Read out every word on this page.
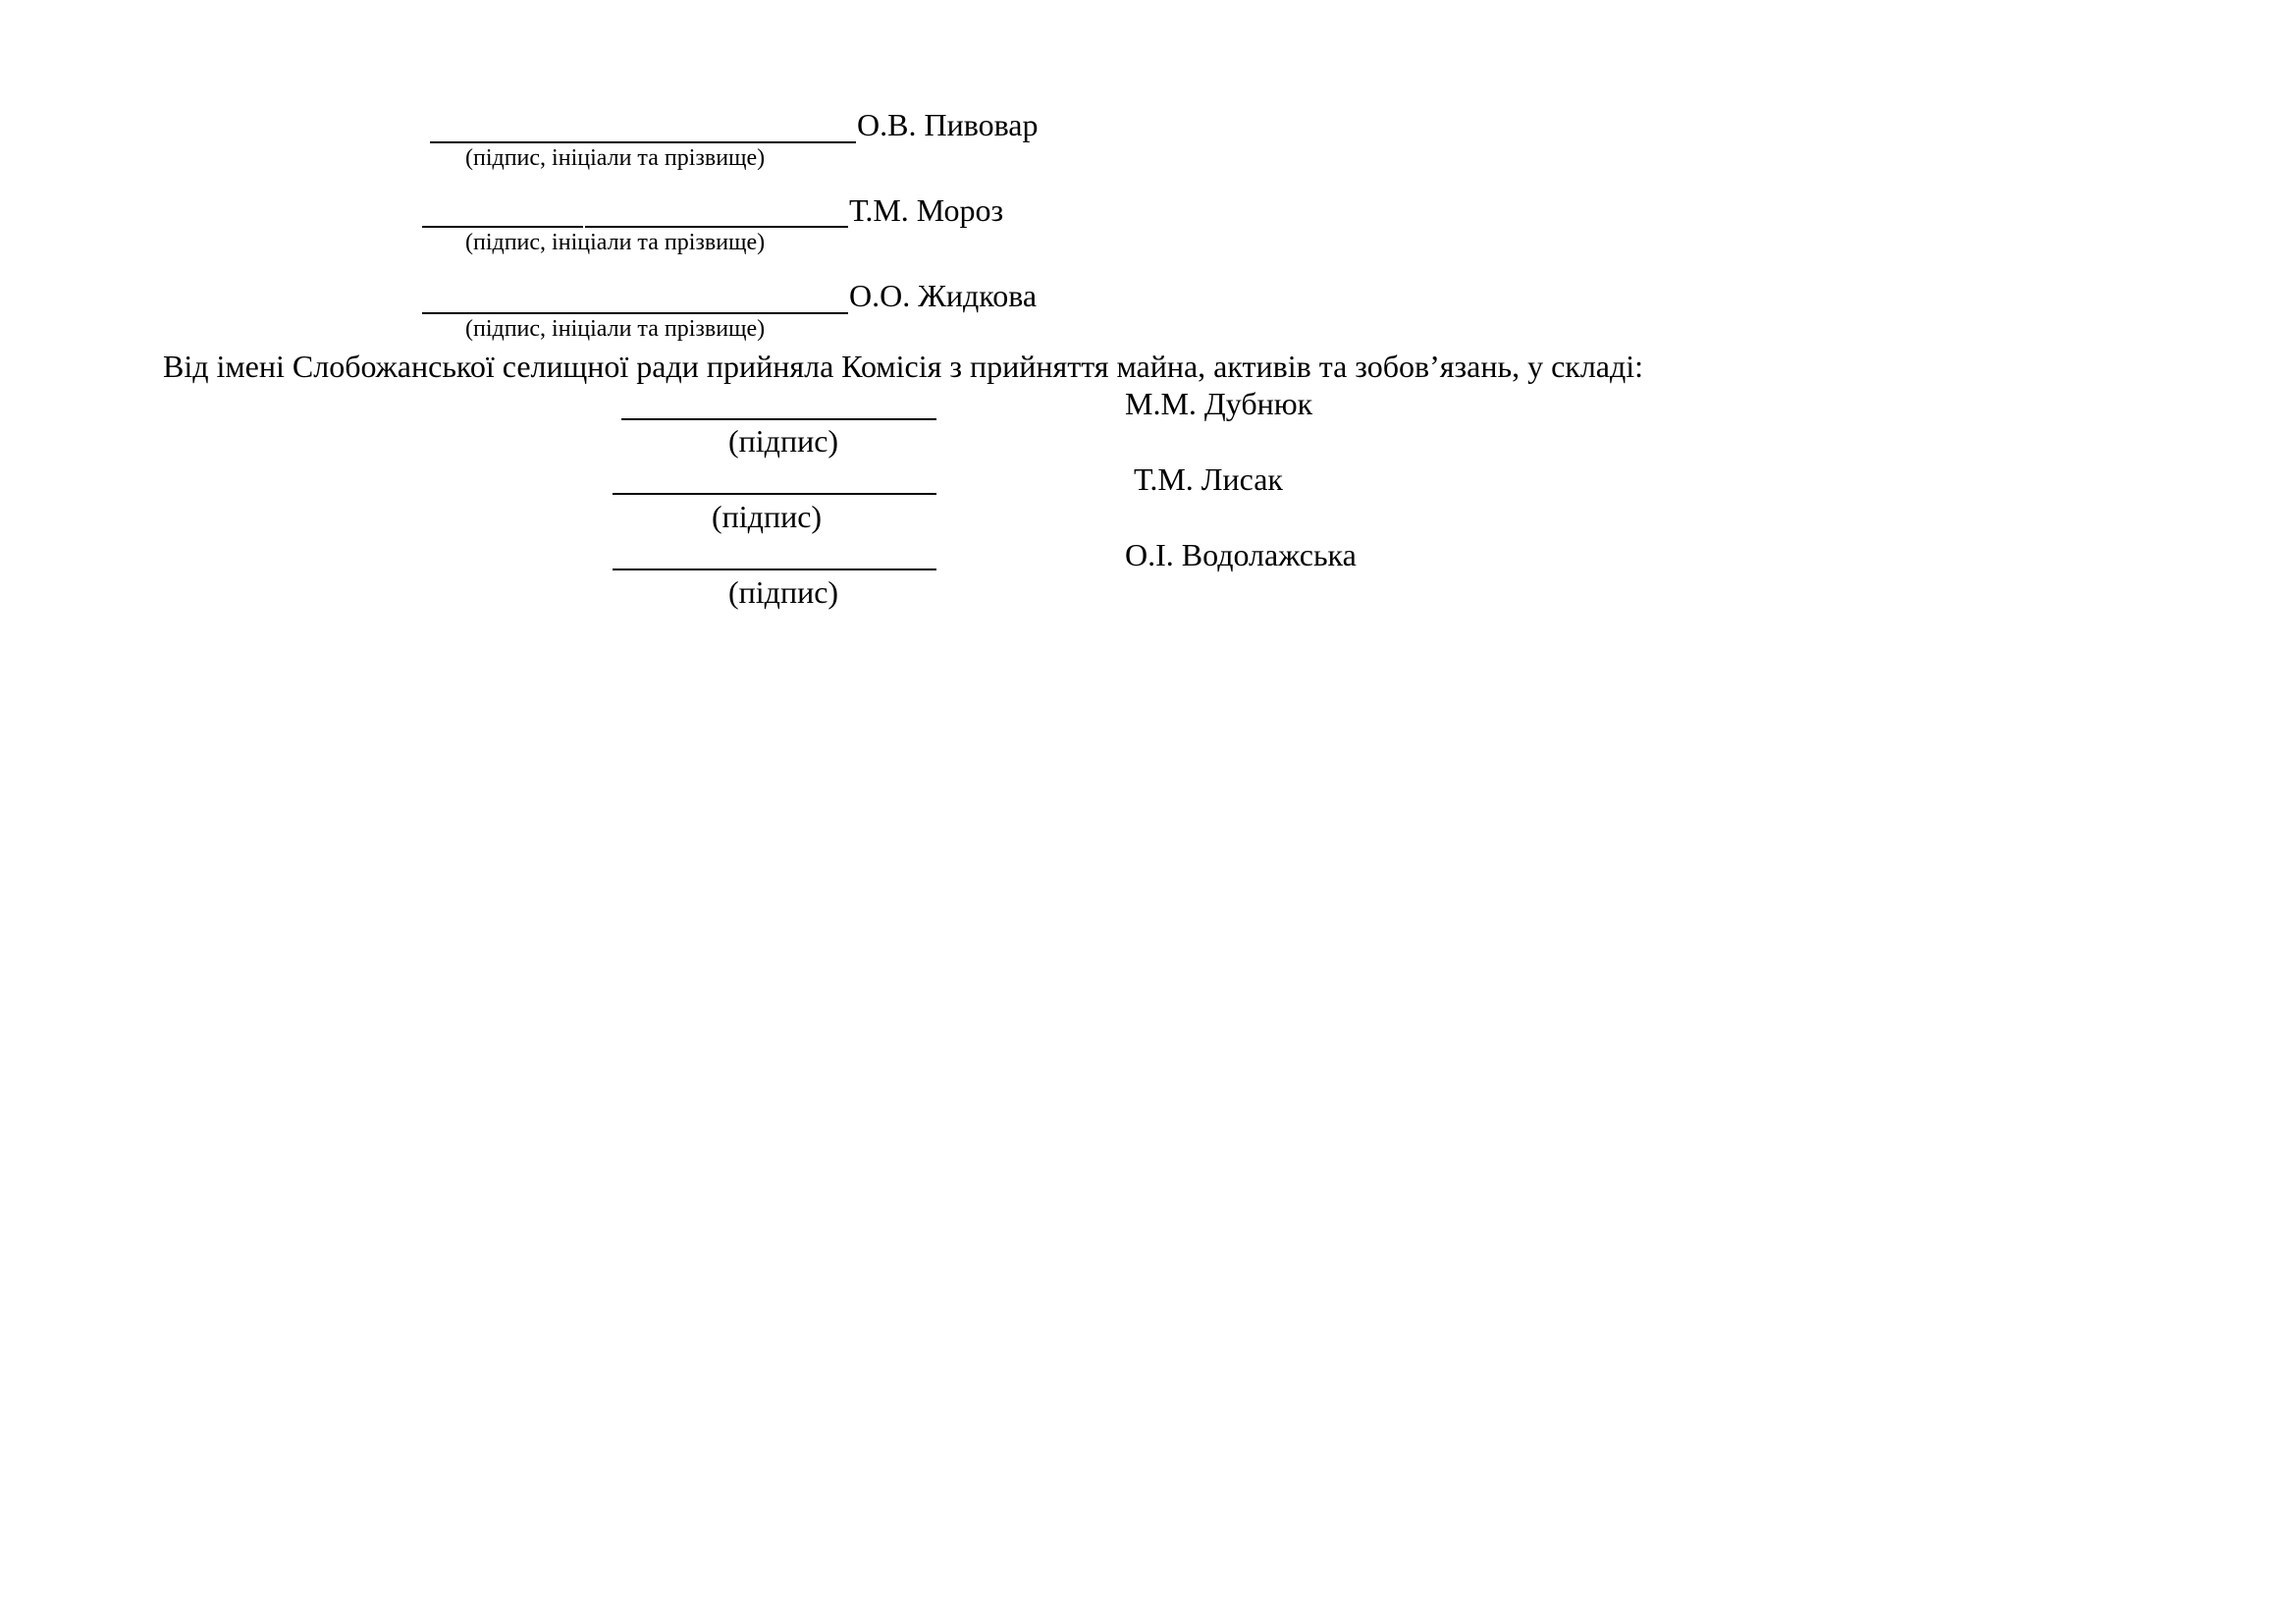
О.В. Пивовар
(підпис, ініціали та прізвище)
Т.М. Мороз
(підпис, ініціали та прізвище)
О.О. Жидкова
(підпис, ініціали та прізвище)
Від імені Слобожанської селищної ради прийняла Комісія з прийняття майна, активів та зобов’язань, у складі:
М.М. Дубнюк
(підпис)
Т.М. Лисак
(підпис)
О.І. Водолажська
(підпис)
